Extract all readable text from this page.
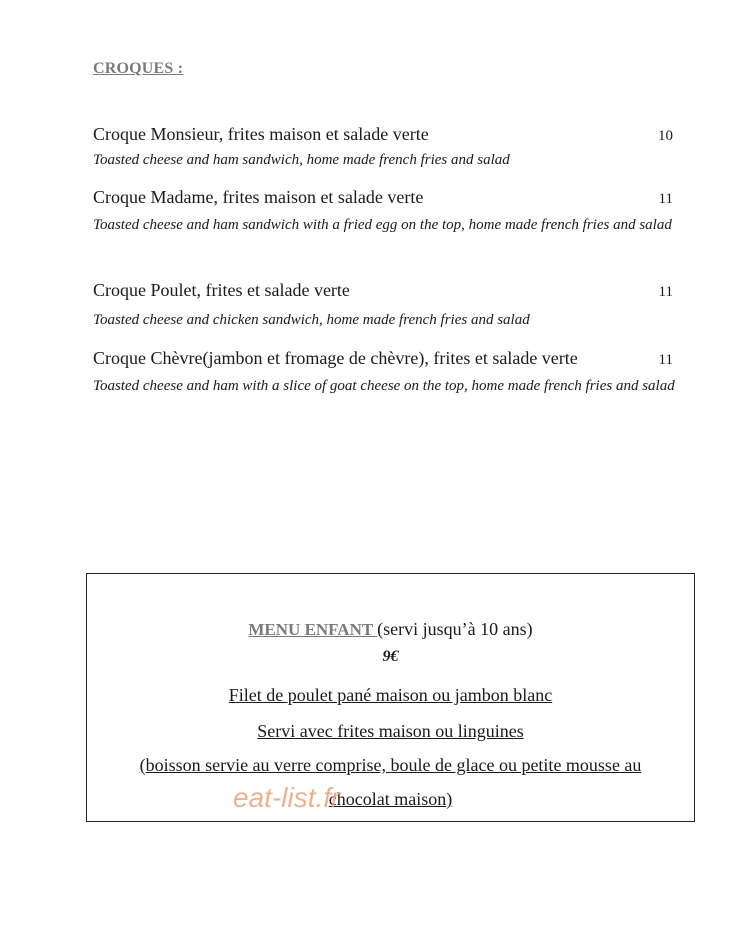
CROQUES :
Croque Monsieur, frites maison et salade verte	10
Toasted cheese and ham sandwich, home made french fries and salad
Croque Madame, frites maison et salade verte	11
Toasted cheese and ham sandwich with a fried egg on the top, home made french fries and salad
Croque Poulet, frites et salade verte	11
Toasted cheese and chicken sandwich, home made french fries and salad
Croque Chèvre(jambon et fromage de chèvre), frites et salade verte	11
Toasted cheese and ham with a slice of goat cheese on the top, home made french fries and salad
MENU ENFANT (servi jusqu’à 10 ans)
9€
Filet de poulet pané maison ou jambon blanc
Servi avec frites maison ou linguines
(boisson servie au verre comprise, boule de glace ou petite mousse au
chocolat maison)
eat-list.fr
